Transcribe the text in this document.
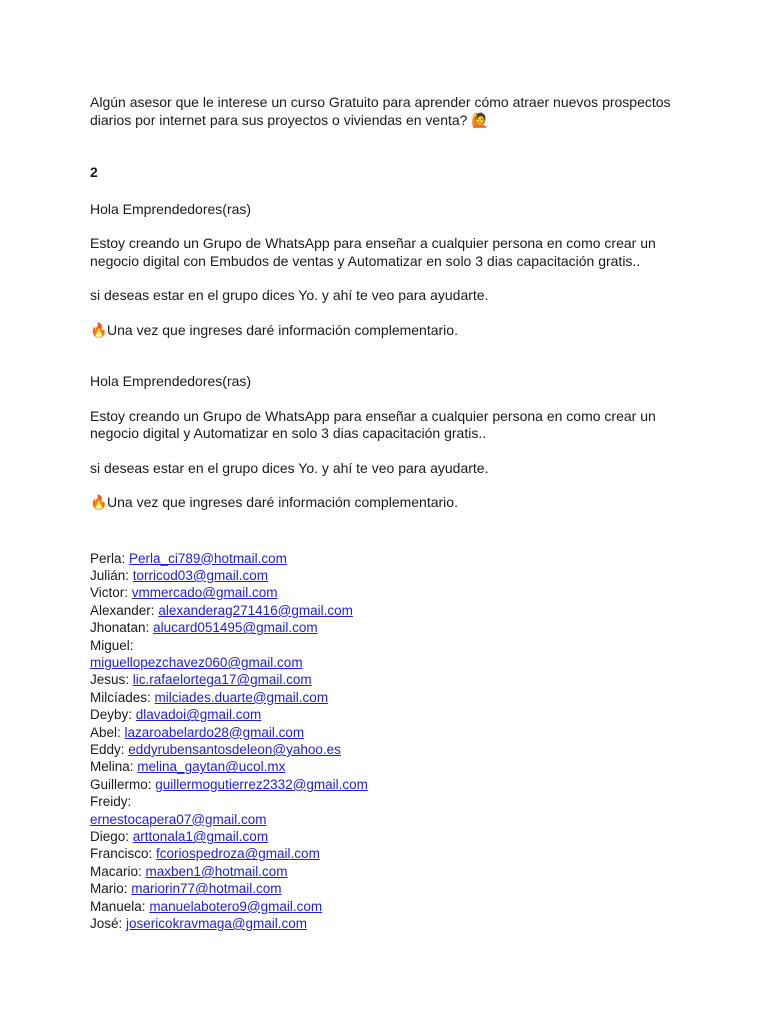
Algún asesor que le interese un curso Gratuito para aprender cómo atraer nuevos prospectos diarios por internet para sus proyectos o viviendas en venta? 🙋

2

Hola Emprendedores(ras)

Estoy creando un Grupo de WhatsApp para enseñar a cualquier persona en como crear un negocio digital con Embudos de ventas y Automatizar en solo 3 dias capacitación gratis..

si deseas estar en el grupo dices Yo. y ahí te veo para ayudarte.

🔥Una vez que ingreses daré información complementario.

Hola Emprendedores(ras)

Estoy creando un Grupo de WhatsApp para enseñar a cualquier persona en como crear un negocio digital y Automatizar en solo 3 dias capacitación gratis..

si deseas estar en el grupo dices Yo. y ahí te veo para ayudarte.

🔥Una vez que ingreses daré información complementario.

Perla: Perla_ci789@hotmail.com
Julián: torricod03@gmail.com
Victor: vmmercado@gmail.com
Alexander: alexanderag271416@gmail.com
Jhonatan: alucard051495@gmail.com
Miguel:
miguellopezchavez060@gmail.com
Jesus: lic.rafaelortega17@gmail.com
Milcíades: milciades.duarte@gmail.com
Deyby: dlavadoi@gmail.com
Abel: lazaroabelardo28@gmail.com
Eddy: eddyrubensantosdeleon@yahoo.es
Melina: melina_gaytan@ucol.mx
Guillermo: guillermogutierrez2332@gmail.com
Freidy:
ernestocapera07@gmail.com
Diego: arttonala1@gmail.com
Francisco: fcoriospedroza@gmail.com
Macario: maxben1@hotmail.com
Mario: mariorin77@hotmail.com
Manuela: manuelabotero9@gmail.com
José: josericokravmaga@gmail.com
